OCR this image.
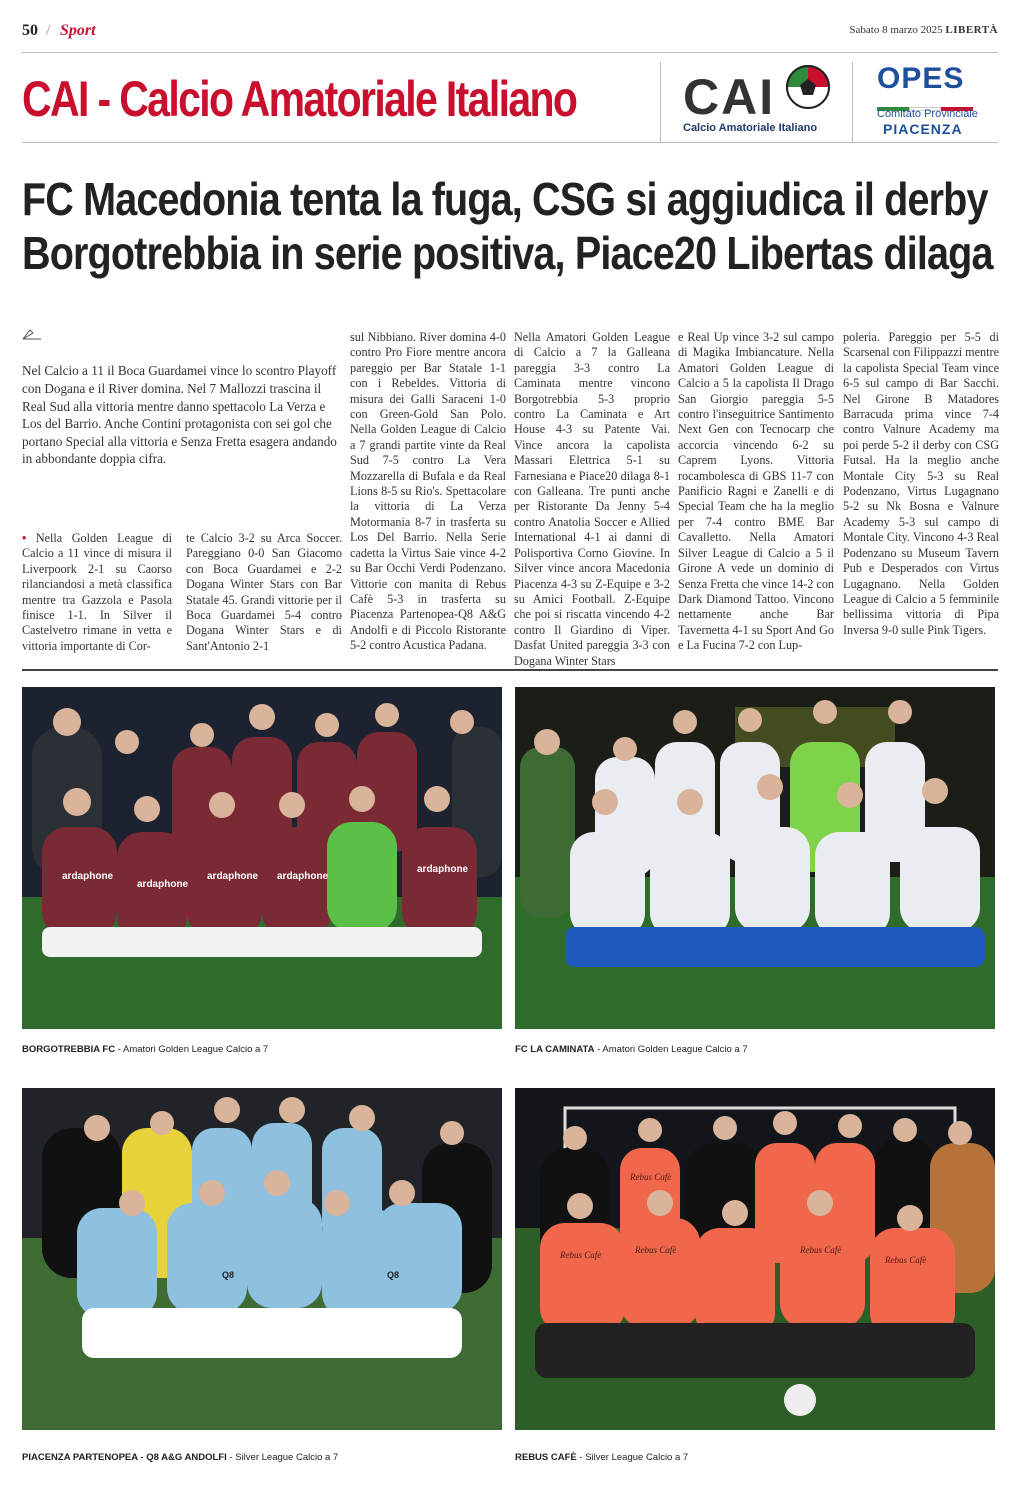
50 / Sport	Sabato 8 marzo 2025 LIBERTÀ
CAI - Calcio Amatoriale Italiano CAI
Calcio Amatoriale Italiano
OPES
Comitato Provinciale
PIACENZA
FC Macedonia tenta la fuga, CSG si aggiudica il derby
Borgotrebbia in serie positiva, Piace20 Libertas dilaga

Nel Calcio a 11 il Boca Guardamei vince lo scontro Playoff con Dogana e il River domina. Nel 7 Mallozzi trascina il Real Sud alla vittoria mentre danno spettacolo La Verza e Los del Barrio. Anche Contini protagonista con sei gol che portano Special alla vittoria e Senza Fretta esagera andando in abbondante doppia cifra.

• Nella Golden League di Calcio a 11 vince di misura il Liverpoork 2-1 su Caorso rilanciandosi a metà classifica mentre tra Gazzola e Pasola finisce 1-1. In Silver il Castelvetro rimane in vetta e vittoria importante di Cor-

te Calcio 3-2 su Arca Soccer. Pareggiano 0-0 San Giacomo con Boca Guardamei e 2-2 Dogana Winter Stars con Bar Statale 45. Grandi vittorie per il Boca Guardamei 5-4 contro Dogana Winter Stars e di Sant'Antonio 2-1

sul Nibbiano. River domina 4-0 contro Pro Fiore mentre ancora pareggio per Bar Statale 1-1 con i Rebeldes. Vittoria di misura dei Galli Saraceni 1-0 con Green-Gold San Polo. Nella Golden League di Calcio a 7 grandi partite vinte da Real Sud 7-5 contro La Vera Mozzarella di Bufala e da Real Lions 8-5 su Rio's. Spettacolare la vittoria di La Verza Motormania 8-7 in trasferta su Los Del Barrio. Nella Serie cadetta la Virtus Saie vince 4-2 su Bar Occhi Verdi Podenzano. Vittorie con manita di Rebus Cafè 5-3 in trasferta su Piacenza Partenopea-Q8 A&G Andolfi e di Piccolo Ristorante 5-2 contro Acustica Padana.

Nella Amatori Golden League di Calcio a 7 la Galleana pareggia 3-3 contro La Caminata mentre vincono Borgotrebbia 5-3 proprio contro La Caminata e Art House 4-3 su Patente Vai. Vince ancora la capolista Massari Elettrica 5-1 su Farnesiana e Piace20 dilaga 8-1 con Galleana. Tre punti anche per Ristorante Da Jenny 5-4 contro Anatolia Soccer e Allied International 4-1 ai danni di Polisportiva Corno Giovine. In Silver vince ancora Macedonia Piacenza 4-3 su Z-Equipe e 3-2 su Amici Football. Z-Equipe che poi si riscatta vincendo 4-2 contro Il Giardino di Viper. Dasfat United pareggia 3-3 con Dogana Winter Stars

e Real Up vince 3-2 sul campo di Magika Imbiancature. Nella Amatori Golden League di Calcio a 5 la capolista Il Drago San Giorgio pareggia 5-5 contro l'inseguitrice Santimento Next Gen con Tecnocarp che accorcia vincendo 6-2 su Caprem Lyons. Vittoria rocambolesca di GBS 11-7 con Panificio Ragni e Zanelli e di Special Team che ha la meglio per 7-4 contro BME Bar Cavalletto. Nella Amatori Silver League di Calcio a 5 il Girone A vede un dominio di Senza Fretta che vince 14-2 con Dark Diamond Tattoo. Vincono nettamente anche Bar Tavernetta 4-1 su Sport And Go e La Fucina 7-2 con Lup-

poleria. Pareggio per 5-5 di Scarsenal con Filippazzi mentre la capolista Special Team vince 6-5 sul campo di Bar Sacchi. Nel Girone B Matadores Barracuda prima vince 7-4 contro Valnure Academy ma poi perde 5-2 il derby con CSG Futsal. Ha la meglio anche Montale City 5-3 su Real Podenzano, Virtus Lugagnano 5-2 su Nk Bosna e Valnure Academy 5-3 sul campo di Montale City. Vincono 4-3 Real Podenzano su Museum Tavern Pub e Desperados con Virtus Lugagnano. Nella Golden League di Calcio a 5 femminile bellissima vittoria di Pipa Inversa 9-0 sulle Pink Tigers.

ardaphone
ardaphone
ardaphone ardaphone
ardaphone
BORGOTREBBIA FC - Amatori Golden League Calcio a 7	FC LA CAMINATA - Amatori Golden League Calcio a 7
Q8	Q8
PIACENZA PARTENOPEA - Q8 A&G ANDOLFI - Silver League Calcio a 7
Rebus Cafè
Rebus Cafè	Rebus Cafè	Rebus Cafè
Rebus Cafè
REBUS CAFÈ - Silver League Calcio a 7
